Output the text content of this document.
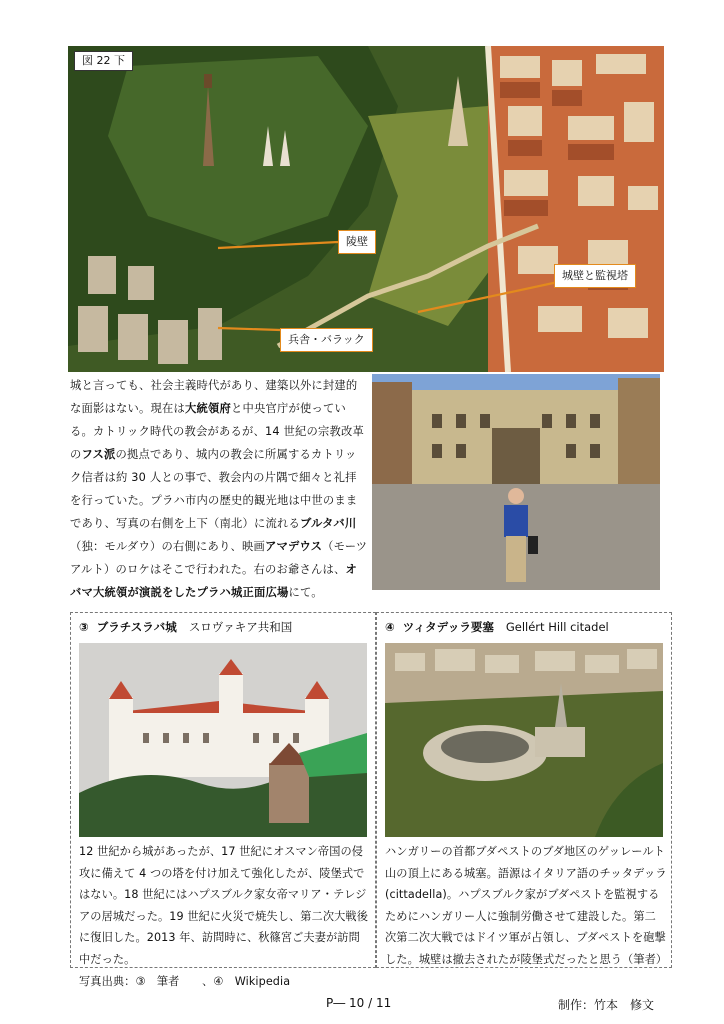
図 22 下
陵壁
城壁と監視塔
兵舎・バラック
城と言っても、社会主義時代があり、建築以外に封建的な面影はない。現在は大統領府と中央官庁が使っている。カトリック時代の教会があるが、14 世紀の宗教改革のフス派の拠点であり、城内の教会に所属するカトリック信者は約 30 人との事で、教会内の片隅で細々と礼拝を行っていた。プラハ市内の歴史的観光地は中世のままであり、写真の右側を上下（南北）に流れるブルタバ川（独：モルダウ）の右側にあり、映画アマデウス（モーツアルト）のロケはそこで行われた。右のお爺さんは、オバマ大統領が演説をしたプラハ城正面広場にて。
③ ブラチスラバ城 スロヴァキア共和国
12 世紀から城があったが、17 世紀にオスマン帝国の侵攻に備えて 4 つの塔を付け加えて強化したが、陵堡式ではない。18 世紀にはハプスブルク家女帝マリア・テレジアの居城だった。19 世紀に火災で焼失し、第二次大戦後に復旧した。2013 年、訪問時に、秋篠宮ご夫妻が訪問中だった。
写真出典：③　筆者　　、④　Wikipedia
④ ツィタデッラ要塞 Gellért Hill citadel
ハンガリーの首都ブダペストのブダ地区のゲッレールト山の頂上にある城塞。語源はイタリア語のチッタデッラ (cittadella)。ハプスブルク家がブダペストを監視するためにハンガリー人に強制労働させて建設した。第二次第二次大戦ではドイツ軍が占領し、ブダペストを砲撃した。城壁は撤去されたが陵堡式だったと思う（筆者）
P― 10 / 11	制作：竹本　修文
